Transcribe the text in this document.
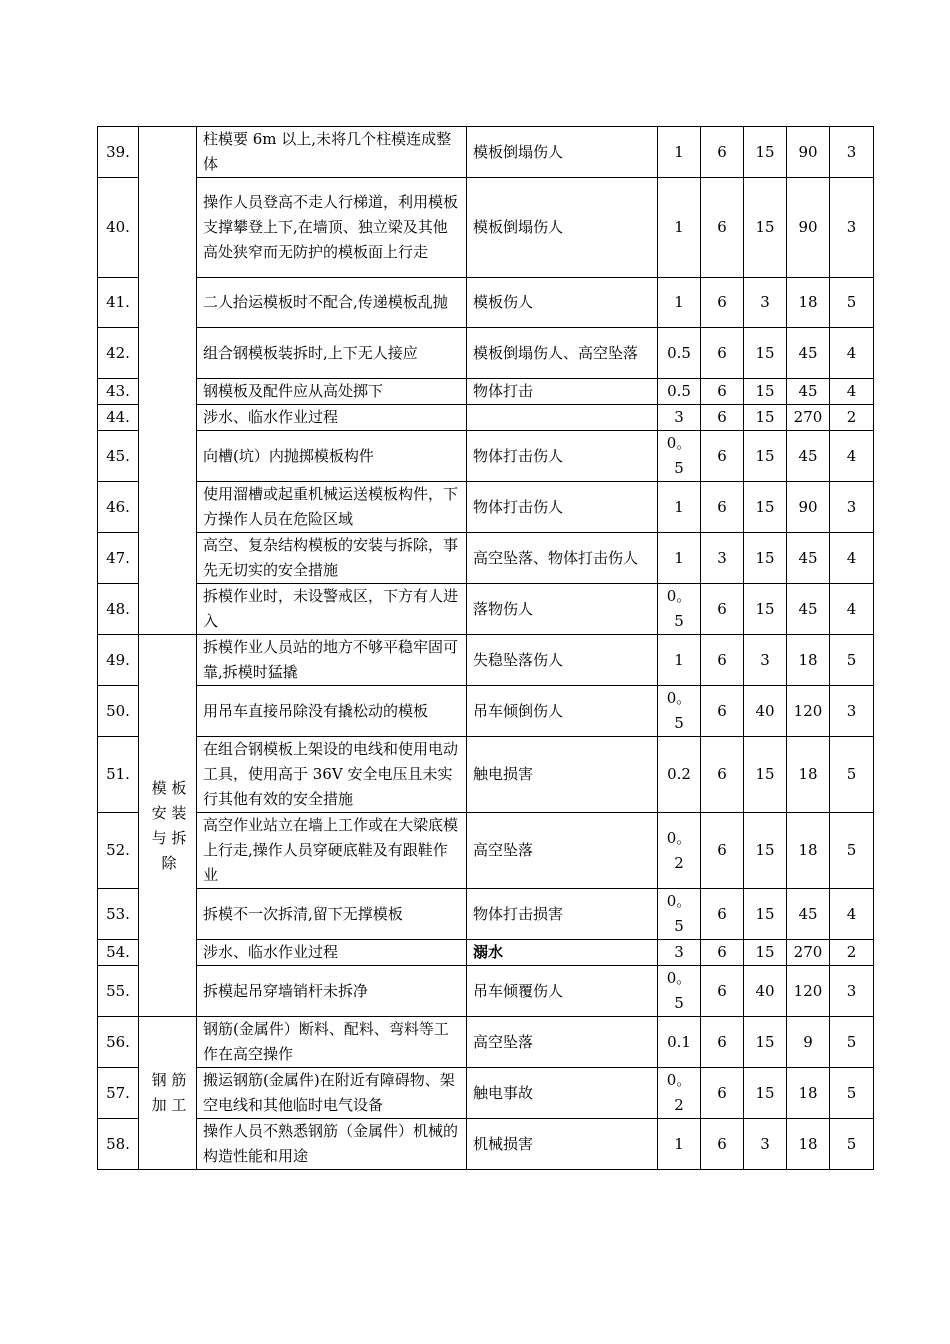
39.		柱模要 6m 以上,未将几个柱模连成整体	模板倒塌伤人	1	6	15	90	3
40.		操作人员登高不走人行梯道，利用模板支撑攀登上下,在墙顶、独立梁及其他高处狭窄而无防护的模板面上行走	模板倒塌伤人	1	6	15	90	3
41.		二人抬运模板时不配合,传递模板乱抛	模板伤人	1	6	3	18	5
42.		组合钢模板装拆时,上下无人接应	模板倒塌伤人、高空坠落	0.5	6	15	45	4
43.		钢模板及配件应从高处掷下	物体打击	0.5	6	15	45	4
44.		涉水、临水作业过程		3	6	15	270	2
45.		向槽(坑）内抛掷模板构件	物体打击伤人	0。5	6	15	45	4
46.		使用溜槽或起重机械运送模板构件，下方操作人员在危险区域	物体打击伤人	1	6	15	90	3
47.		高空、复杂结构模板的安装与拆除，事先无切实的安全措施	高空坠落、物体打击伤人	1	3	15	45	4
48.		拆模作业时，未设警戒区，下方有人进入	落物伤人	0。5	6	15	45	4
49.	模 板 安 装 与 拆 除	拆模作业人员站的地方不够平稳牢固可靠,拆模时猛撬	失稳坠落伤人	1	6	3	18	5
50.		用吊车直接吊除没有撬松动的模板	吊车倾倒伤人	0。5	6	40	120	3
51.		在组合钢模板上架设的电线和使用电动工具，使用高于 36V 安全电压且未实行其他有效的安全措施	触电损害	0.2	6	15	18	5
52.		高空作业站立在墙上工作或在大梁底模上行走,操作人员穿硬底鞋及有跟鞋作业	高空坠落	0。2	6	15	18	5
53.		拆模不一次拆清,留下无撑模板	物体打击损害	0。5	6	15	45	4
54.		涉水、临水作业过程	溺水	3	6	15	270	2
55.		拆模起吊穿墙销杆未拆净	吊车倾覆伤人	0。5	6	40	120	3
56.	钢 筋 加 工	钢筋(金属件）断料、配料、弯料等工作在高空操作	高空坠落	0.1	6	15	9	5
57.		搬运钢筋(金属件)在附近有障碍物、架空电线和其他临时电气设备	触电事故	0。2	6	15	18	5
58.		操作人员不熟悉钢筋（金属件）机械的构造性能和用途	机械损害	1	6	3	18	5
